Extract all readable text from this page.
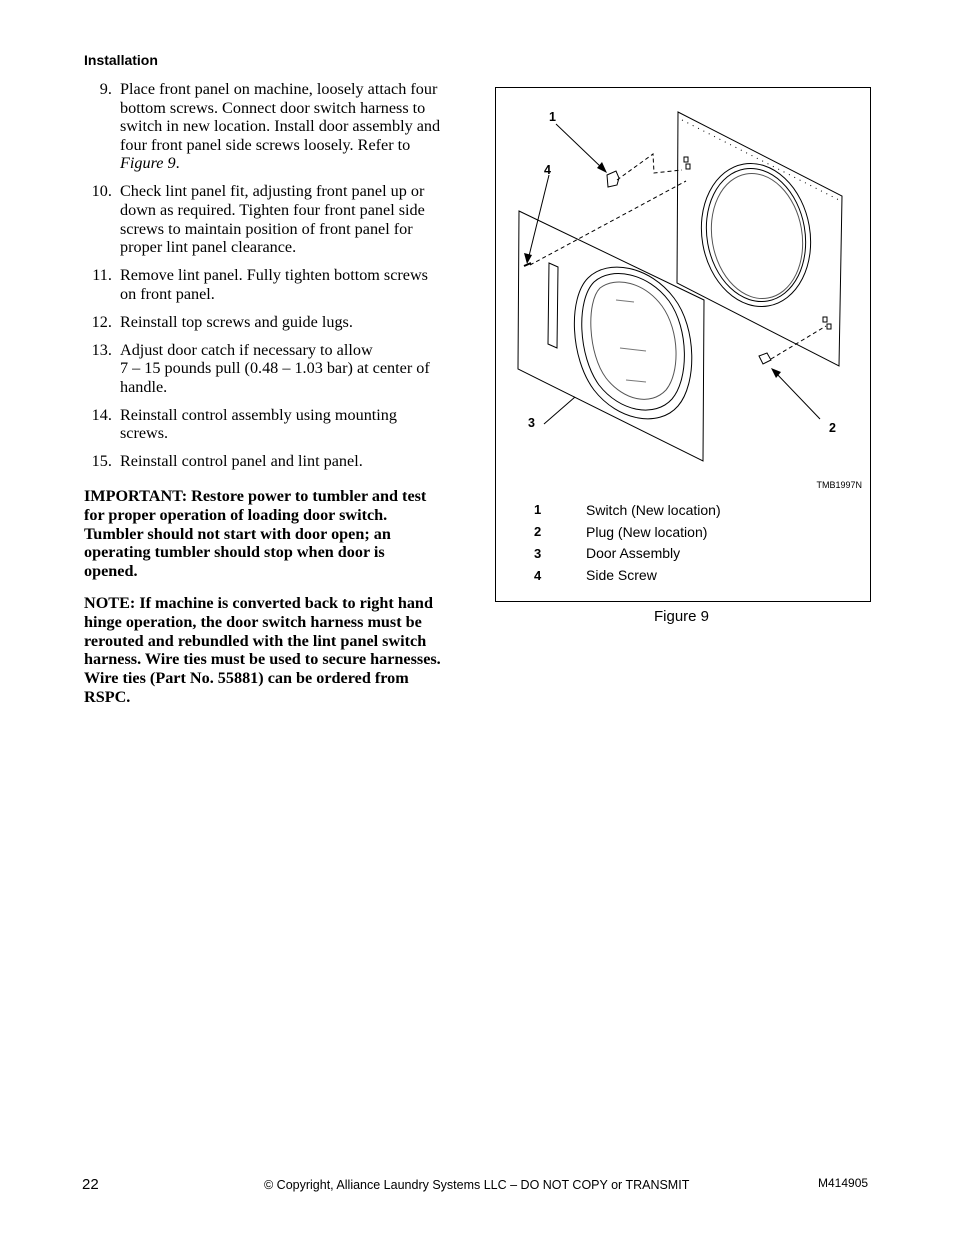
Installation
9. Place front panel on machine, loosely attach four
bottom screws. Connect door switch harness to
switch in new location. Install door assembly and
four front panel side screws loosely. Refer to
Figure 9.
10. Check lint panel fit, adjusting front panel up or
down as required. Tighten four front panel side
screws to maintain position of front panel for
proper lint panel clearance.
11. Remove lint panel. Fully tighten bottom screws
on front panel.
12. Reinstall top screws and guide lugs.
13. Adjust door catch if necessary to allow
7 – 15 pounds pull (0.48 – 1.03 bar) at center of
handle.
14. Reinstall control assembly using mounting
screws.
15. Reinstall control panel and lint panel.
IMPORTANT: Restore power to tumbler and test
for proper operation of loading door switch.
Tumbler should not start with door open; an
operating tumbler should stop when door is
opened.
NOTE: If machine is converted back to right hand
hinge operation, the door switch harness must be
rerouted and rebundled with the lint panel switch
harness. Wire ties must be used to secure harnesses.
Wire ties (Part No. 55881) can be ordered from
RSPC.
1
4
3	2
TMB1997N
1	Switch (New location)
2	Plug (New location)
3	Door Assembly
4	Side Screw
Figure 9
22	© Copyright, Alliance Laundry Systems LLC – DO NOT COPY or TRANSMIT	M414905
